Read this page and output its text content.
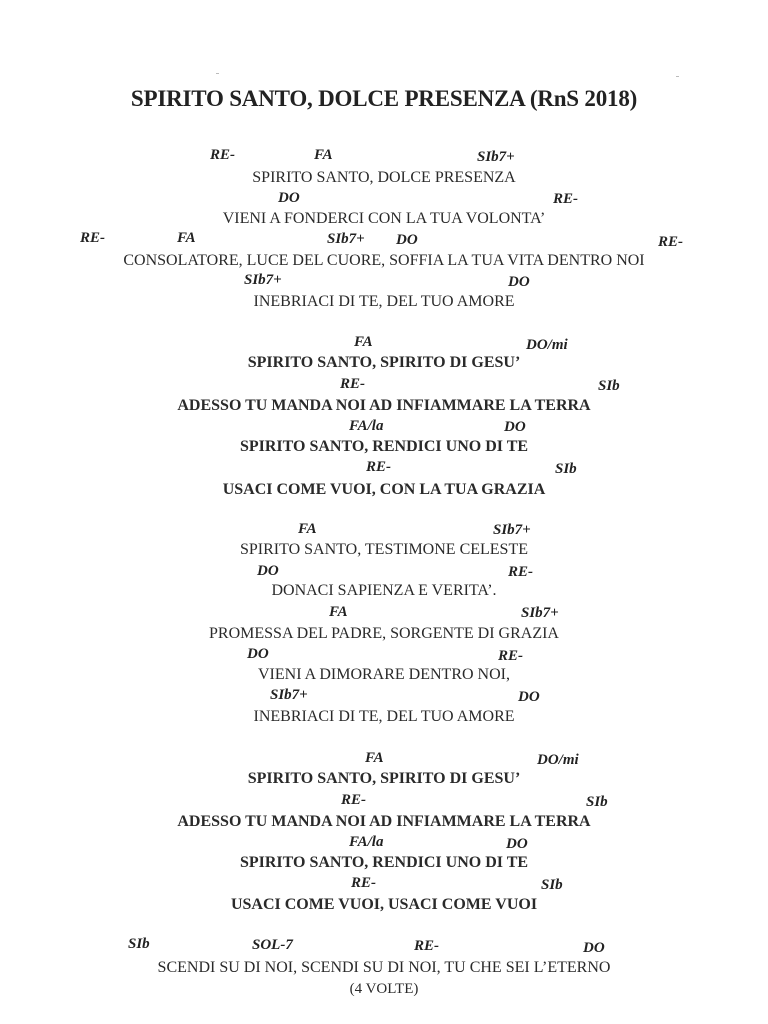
SPIRITO SANTO, DOLCE PRESENZA (RnS 2018)
RE-	FA	SIb7+
SPIRITO SANTO, DOLCE PRESENZA
DO	RE-
VIENI A FONDERCI CON LA TUA VOLONTA’
RE-	FA	SIb7+ DO	RE-
CONSOLATORE, LUCE DEL CUORE, SOFFIA LA TUA VITA DENTRO NOI
SIb7+	DO
INEBRIACI DI TE, DEL TUO AMORE
FA	DO/mi
SPIRITO SANTO, SPIRITO DI GESU’
RE-	SIb
ADESSO TU MANDA NOI AD INFIAMMARE LA TERRA
FA/la	DO
SPIRITO SANTO, RENDICI UNO DI TE
RE-	SIb
USACI COME VUOI, CON LA TUA GRAZIA
FA	SIb7+
SPIRITO SANTO, TESTIMONE CELESTE
DO	RE-
DONACI SAPIENZA E VERITA’.
FA	SIb7+
PROMESSA DEL PADRE, SORGENTE DI GRAZIA
DO	RE-
VIENI A DIMORARE DENTRO NOI,
SIb7+	DO
INEBRIACI DI TE, DEL TUO AMORE
FA	DO/mi
SPIRITO SANTO, SPIRITO DI GESU’
RE-	SIb
ADESSO TU MANDA NOI AD INFIAMMARE LA TERRA
FA/la	DO
SPIRITO SANTO, RENDICI UNO DI TE
RE-	SIb
USACI COME VUOI, USACI COME VUOI
SIb	SOL-7	RE-	DO
SCENDI SU DI NOI, SCENDI SU DI NOI, TU CHE SEI L’ETERNO
(4 VOLTE)
